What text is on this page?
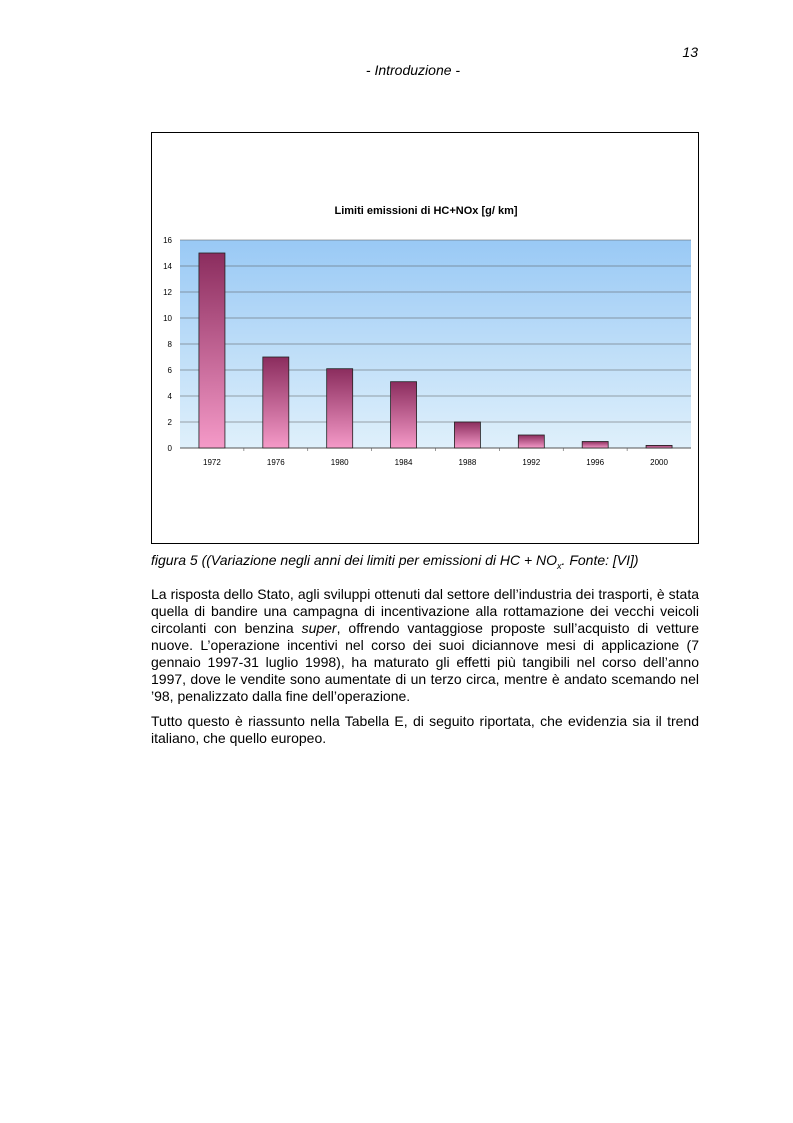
13
- Introduzione -
Limiti emissioni di HC+NOx [g/ km]
0
2
4
6
8
10
12
14
16
1972	1976	1980	1984	1988	1992	1996	2000
figura 5 ((Variazione negli anni dei limiti per emissioni di HC + $NO_x$. Fonte: [VI])

La risposta dello Stato, agli sviluppi ottenuti dal settore dell’industria dei trasporti, è stata quella di bandire una campagna di incentivazione alla rottamazione dei vecchi veicoli circolanti con benzina super, offrendo vantaggiose proposte sull’acquisto di vetture nuove. L’operazione incentivi nel corso dei suoi diciannove mesi di applicazione (7 gennaio 1997-31 luglio 1998), ha maturato gli effetti più tangibili nel corso dell’anno 1997, dove le vendite sono aumentate di un terzo circa, mentre è andato scemando nel ’98, penalizzato dalla fine dell’operazione.

Tutto questo è riassunto nella Tabella E, di seguito riportata, che evidenzia sia il trend italiano, che quello europeo.
